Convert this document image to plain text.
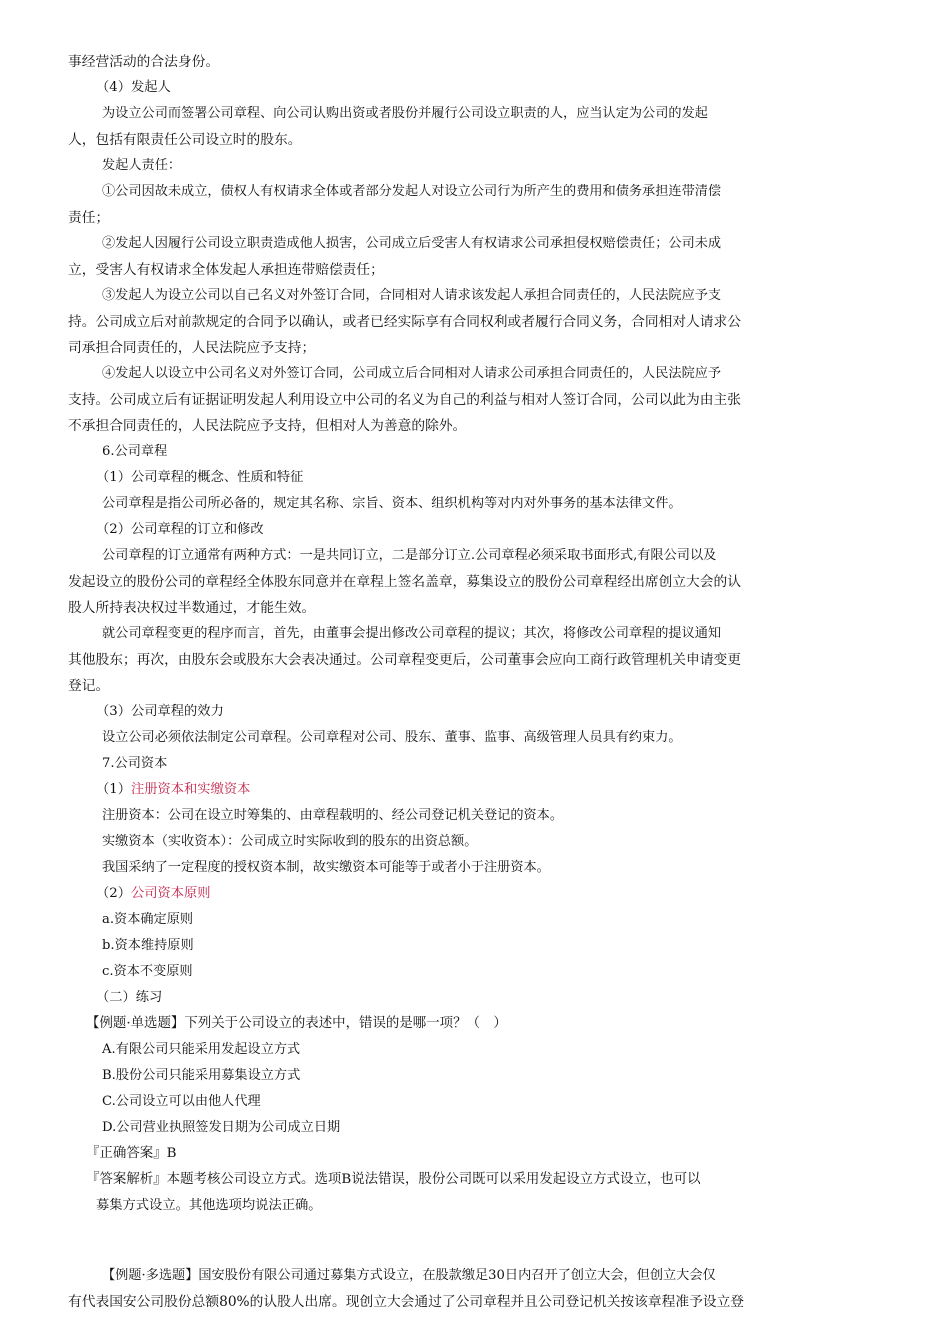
事经营活动的合法身份。
（4）发起人
为设立公司而签署公司章程、向公司认购出资或者股份并履行公司设立职责的人，应当认定为公司的发起
人，包括有限责任公司设立时的股东。
发起人责任：
①公司因故未成立，债权人有权请求全体或者部分发起人对设立公司行为所产生的费用和债务承担连带清偿
责任；
②发起人因履行公司设立职责造成他人损害，公司成立后受害人有权请求公司承担侵权赔偿责任；公司未成
立，受害人有权请求全体发起人承担连带赔偿责任；
③发起人为设立公司以自己名义对外签订合同，合同相对人请求该发起人承担合同责任的，人民法院应予支
持。公司成立后对前款规定的合同予以确认，或者已经实际享有合同权利或者履行合同义务，合同相对人请求公
司承担合同责任的，人民法院应予支持；
④发起人以设立中公司名义对外签订合同，公司成立后合同相对人请求公司承担合同责任的，人民法院应予
支持。公司成立后有证据证明发起人利用设立中公司的名义为自己的利益与相对人签订合同，公司以此为由主张
不承担合同责任的，人民法院应予支持，但相对人为善意的除外。
6.公司章程
（1）公司章程的概念、性质和特征
公司章程是指公司所必备的，规定其名称、宗旨、资本、组织机构等对内对外事务的基本法律文件。
（2）公司章程的订立和修改
公司章程的订立通常有两种方式：一是共同订立，二是部分订立.公司章程必须采取书面形式,有限公司以及
发起设立的股份公司的章程经全体股东同意并在章程上签名盖章，募集设立的股份公司章程经出席创立大会的认
股人所持表决权过半数通过，才能生效。
就公司章程变更的程序而言，首先，由董事会提出修改公司章程的提议；其次，将修改公司章程的提议通知
其他股东；再次，由股东会或股东大会表决通过。公司章程变更后，公司董事会应向工商行政管理机关申请变更
登记。
（3）公司章程的效力
设立公司必须依法制定公司章程。公司章程对公司、股东、董事、监事、高级管理人员具有约束力。
7.公司资本
（1）注册资本和实缴资本
注册资本：公司在设立时筹集的、由章程载明的、经公司登记机关登记的资本。
实缴资本（实收资本）：公司成立时实际收到的股东的出资总额。
我国采纳了一定程度的授权资本制，故实缴资本可能等于或者小于注册资本。
（2）公司资本原则
a.资本确定原则
b.资本维持原则
c.资本不变原则
（二）练习
【例题·单选题】下列关于公司设立的表述中，错误的是哪一项？（　）
A.有限公司只能采用发起设立方式
B.股份公司只能采用募集设立方式
C.公司设立可以由他人代理
D.公司营业执照签发日期为公司成立日期
『正确答案』B
『答案解析』本题考核公司设立方式。选项B说法错误，股份公司既可以采用发起设立方式设立，也可以
募集方式设立。其他选项均说法正确。
【例题·多选题】国安股份有限公司通过募集方式设立，在股款缴足30日内召开了创立大会，但创立大会仅
有代表国安公司股份总额80%的认股人出席。现创立大会通过了公司章程并且公司登记机关按该章程准予设立登
